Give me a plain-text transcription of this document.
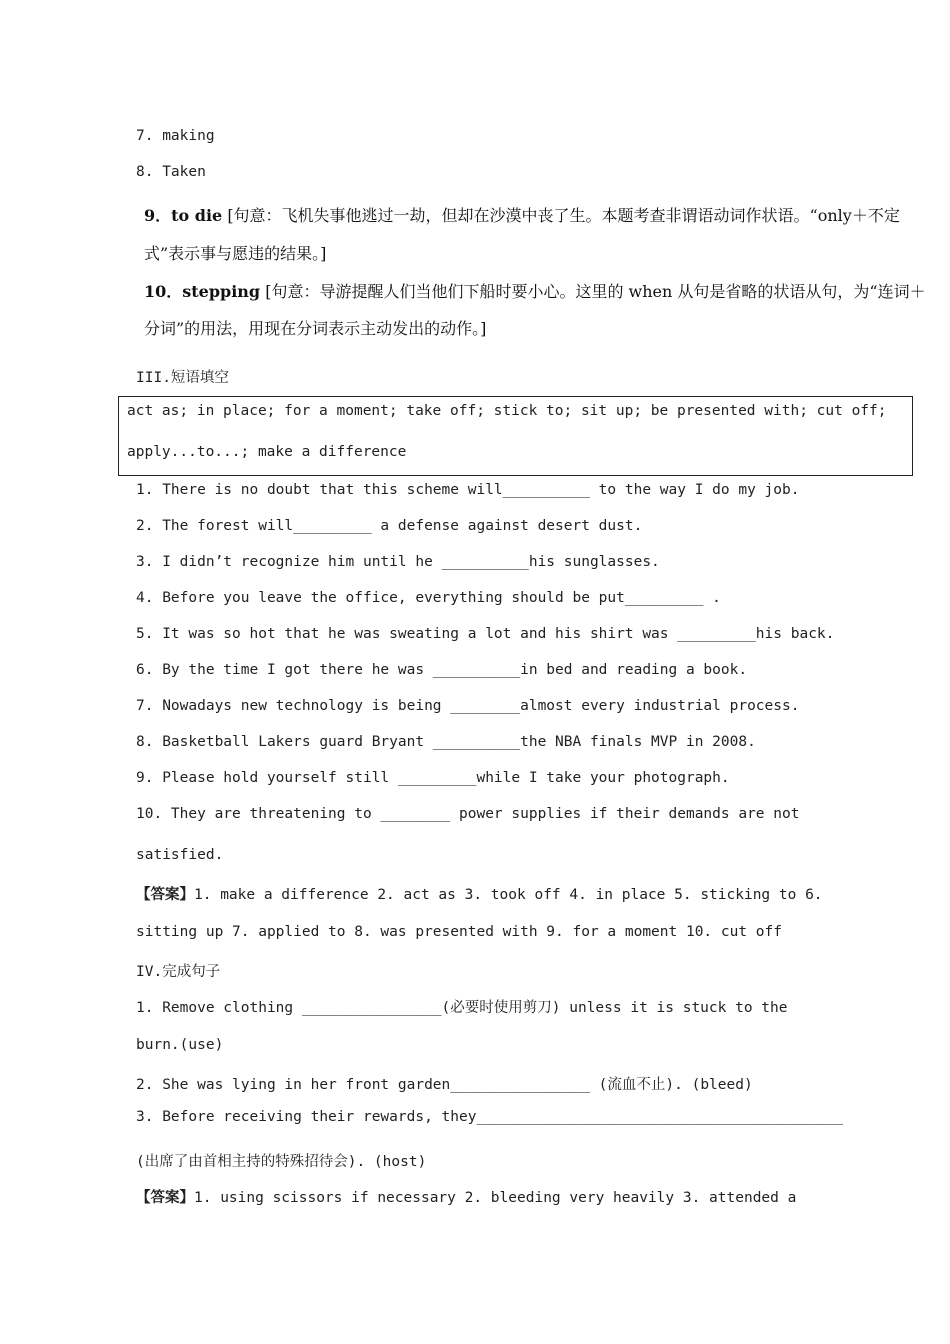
7. making
8. Taken
9．to die [句意：飞机失事他逃过一劫，但却在沙漠中丧了生。本题考查非谓语动词作状语。“only＋不定
式”表示事与愿违的结果。]
10．stepping [句意：导游提醒人们当他们下船时要小心。这里的 when 从句是省略的状语从句，为“连词＋
分词”的用法，用现在分词表示主动发出的动作。]
III.短语填空
act as; in place; for a moment; take off; stick to; sit up; be presented with; cut off;
apply...to...; make a difference
1. There is no doubt that this scheme will__________ to the way I do my job.
2. The forest will_________ a defense against desert dust.
3. I didn’t recognize him until he __________his sunglasses.
4. Before you leave the office, everything should be put_________ .
5. It was so hot that he was sweating a lot and his shirt was _________his back.
6. By the time I got there he was __________in bed and reading a book.
7. Nowadays new technology is being ________almost every industrial process.
8. Basketball Lakers guard Bryant __________the NBA finals MVP in 2008.
9. Please hold yourself still _________while I take your photograph.
10. They are threatening to ________ power supplies if their demands are not
satisfied.
【答案】1. make a difference 2. act as 3. took off 4. in place 5. sticking to 6.
sitting up 7. applied to 8. was presented with 9. for a moment 10. cut off
IV.完成句子
1. Remove clothing ________________(必要时使用剪刀) unless it is stuck to the
burn.(use)
2. She was lying in her front garden________________ (流血不止). (bleed)
3. Before receiving their rewards, they__________________________________________
(出席了由首相主持的特殊招待会). (host)
【答案】1. using scissors if necessary 2. bleeding very heavily 3. attended a
